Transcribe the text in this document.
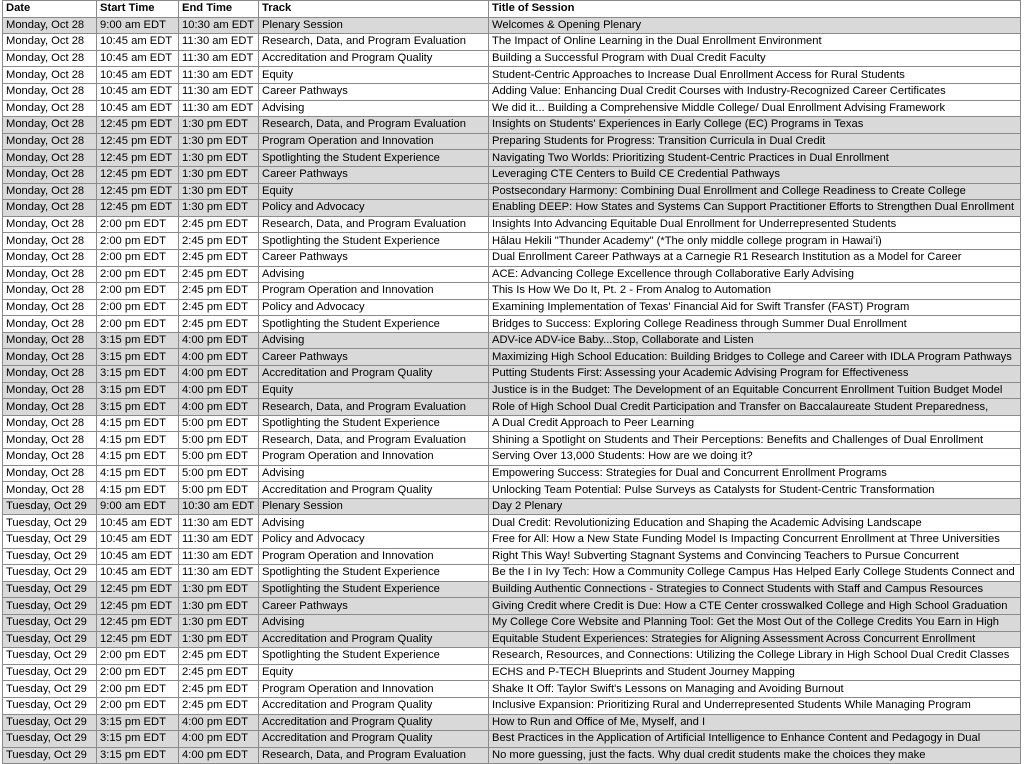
Date	Start Time	End Time	Track	Title of Session
Monday, Oct 28	9:00 am EDT	10:30 am EDT	Plenary Session	Welcomes & Opening Plenary
Monday, Oct 28	10:45 am EDT	11:30 am EDT	Research, Data, and Program Evaluation	The Impact of Online Learning in the Dual Enrollment Environment
Monday, Oct 28	10:45 am EDT	11:30 am EDT	Accreditation and Program Quality	Building a Successful Program with Dual Credit Faculty
Monday, Oct 28	10:45 am EDT	11:30 am EDT	Equity	Student-Centric Approaches to Increase Dual Enrollment Access for Rural Students
Monday, Oct 28	10:45 am EDT	11:30 am EDT	Career Pathways	Adding Value: Enhancing Dual Credit Courses with Industry-Recognized Career Certificates
Monday, Oct 28	10:45 am EDT	11:30 am EDT	Advising	We did it... Building a Comprehensive Middle College/ Dual Enrollment Advising Framework
Monday, Oct 28	12:45 pm EDT	1:30 pm EDT	Research, Data, and Program Evaluation	Insights on Students' Experiences in Early College (EC) Programs in Texas
Monday, Oct 28	12:45 pm EDT	1:30 pm EDT	Program Operation and Innovation	Preparing Students for Progress: Transition Curricula in Dual Credit
Monday, Oct 28	12:45 pm EDT	1:30 pm EDT	Spotlighting the Student Experience	Navigating Two Worlds: Prioritizing Student-Centric Practices in Dual Enrollment
Monday, Oct 28	12:45 pm EDT	1:30 pm EDT	Career Pathways	Leveraging CTE Centers to Build CE Credential Pathways
Monday, Oct 28	12:45 pm EDT	1:30 pm EDT	Equity	Postsecondary Harmony: Combining Dual Enrollment and College Readiness to Create College
Monday, Oct 28	12:45 pm EDT	1:30 pm EDT	Policy and Advocacy	Enabling DEEP: How States and Systems Can Support Practitioner Efforts to Strengthen Dual Enrollment
Monday, Oct 28	2:00 pm EDT	2:45 pm EDT	Research, Data, and Program Evaluation	Insights Into Advancing Equitable Dual Enrollment for Underrepresented Students
Monday, Oct 28	2:00 pm EDT	2:45 pm EDT	Spotlighting the Student Experience	Hālau Hekili "Thunder Academy" (*The only middle college program in Hawaiʻi)
Monday, Oct 28	2:00 pm EDT	2:45 pm EDT	Career Pathways	Dual Enrollment Career Pathways at a Carnegie R1 Research Institution as a Model for Career
Monday, Oct 28	2:00 pm EDT	2:45 pm EDT	Advising	ACE: Advancing College Excellence through Collaborative Early Advising
Monday, Oct 28	2:00 pm EDT	2:45 pm EDT	Program Operation and Innovation	This Is How We Do It, Pt. 2 - From Analog to Automation
Monday, Oct 28	2:00 pm EDT	2:45 pm EDT	Policy and Advocacy	Examining Implementation of Texas' Financial Aid for Swift Transfer (FAST) Program
Monday, Oct 28	2:00 pm EDT	2:45 pm EDT	Spotlighting the Student Experience	Bridges to Success: Exploring College Readiness through Summer Dual Enrollment
Monday, Oct 28	3:15 pm EDT	4:00 pm EDT	Advising	ADV-ice ADV-ice Baby...Stop, Collaborate and Listen
Monday, Oct 28	3:15 pm EDT	4:00 pm EDT	Career Pathways	Maximizing High School Education: Building Bridges to College and Career with IDLA Program Pathways
Monday, Oct 28	3:15 pm EDT	4:00 pm EDT	Accreditation and Program Quality	Putting Students First: Assessing your Academic Advising Program for Effectiveness
Monday, Oct 28	3:15 pm EDT	4:00 pm EDT	Equity	Justice is in the Budget: The Development of an Equitable Concurrent Enrollment Tuition Budget Model
Monday, Oct 28	3:15 pm EDT	4:00 pm EDT	Research, Data, and Program Evaluation	Role of High School Dual Credit Participation and Transfer on Baccalaureate Student Preparedness,
Monday, Oct 28	4:15 pm EDT	5:00 pm EDT	Spotlighting the Student Experience	A Dual Credit Approach to Peer Learning
Monday, Oct 28	4:15 pm EDT	5:00 pm EDT	Research, Data, and Program Evaluation	Shining a Spotlight on Students and Their Perceptions: Benefits and Challenges of Dual Enrollment
Monday, Oct 28	4:15 pm EDT	5:00 pm EDT	Program Operation and Innovation	Serving Over 13,000 Students: How are we doing it?
Monday, Oct 28	4:15 pm EDT	5:00 pm EDT	Advising	Empowering Success: Strategies for Dual and Concurrent Enrollment Programs
Monday, Oct 28	4:15 pm EDT	5:00 pm EDT	Accreditation and Program Quality	Unlocking Team Potential: Pulse Surveys as Catalysts for Student-Centric Transformation
Tuesday, Oct 29	9:00 am EDT	10:30 am EDT	Plenary Session	Day 2 Plenary
Tuesday, Oct 29	10:45 am EDT	11:30 am EDT	Advising	Dual Credit: Revolutionizing Education and Shaping the Academic Advising Landscape
Tuesday, Oct 29	10:45 am EDT	11:30 am EDT	Policy and Advocacy	Free for All: How a New State Funding Model Is Impacting Concurrent Enrollment at Three Universities
Tuesday, Oct 29	10:45 am EDT	11:30 am EDT	Program Operation and Innovation	Right This Way! Subverting Stagnant Systems and Convincing Teachers to Pursue Concurrent
Tuesday, Oct 29	10:45 am EDT	11:30 am EDT	Spotlighting the Student Experience	Be the I in Ivy Tech: How a Community College Campus Has Helped Early College Students Connect and
Tuesday, Oct 29	12:45 pm EDT	1:30 pm EDT	Spotlighting the Student Experience	Building Authentic Connections - Strategies to Connect Students with Staff and Campus Resources
Tuesday, Oct 29	12:45 pm EDT	1:30 pm EDT	Career Pathways	Giving Credit where Credit is Due: How a CTE Center crosswalked College and High School Graduation
Tuesday, Oct 29	12:45 pm EDT	1:30 pm EDT	Advising	My College Core Website and Planning Tool: Get the Most Out of the College Credits You Earn in High
Tuesday, Oct 29	12:45 pm EDT	1:30 pm EDT	Accreditation and Program Quality	Equitable Student Experiences: Strategies for Aligning Assessment Across Concurrent Enrollment
Tuesday, Oct 29	2:00 pm EDT	2:45 pm EDT	Spotlighting the Student Experience	Research, Resources, and Connections: Utilizing the College Library in High School Dual Credit Classes
Tuesday, Oct 29	2:00 pm EDT	2:45 pm EDT	Equity	ECHS and P-TECH Blueprints and Student Journey Mapping
Tuesday, Oct 29	2:00 pm EDT	2:45 pm EDT	Program Operation and Innovation	Shake It Off: Taylor Swift's Lessons on Managing and Avoiding Burnout
Tuesday, Oct 29	2:00 pm EDT	2:45 pm EDT	Accreditation and Program Quality	Inclusive Expansion: Prioritizing Rural and Underrepresented Students While Managing Program
Tuesday, Oct 29	3:15 pm EDT	4:00 pm EDT	Accreditation and Program Quality	How to Run and Office of Me, Myself, and I
Tuesday, Oct 29	3:15 pm EDT	4:00 pm EDT	Accreditation and Program Quality	Best Practices in the Application of Artificial Intelligence to Enhance Content and Pedagogy in Dual
Tuesday, Oct 29	3:15 pm EDT	4:00 pm EDT	Research, Data, and Program Evaluation	No more guessing, just the facts. Why dual credit students make the choices they make
